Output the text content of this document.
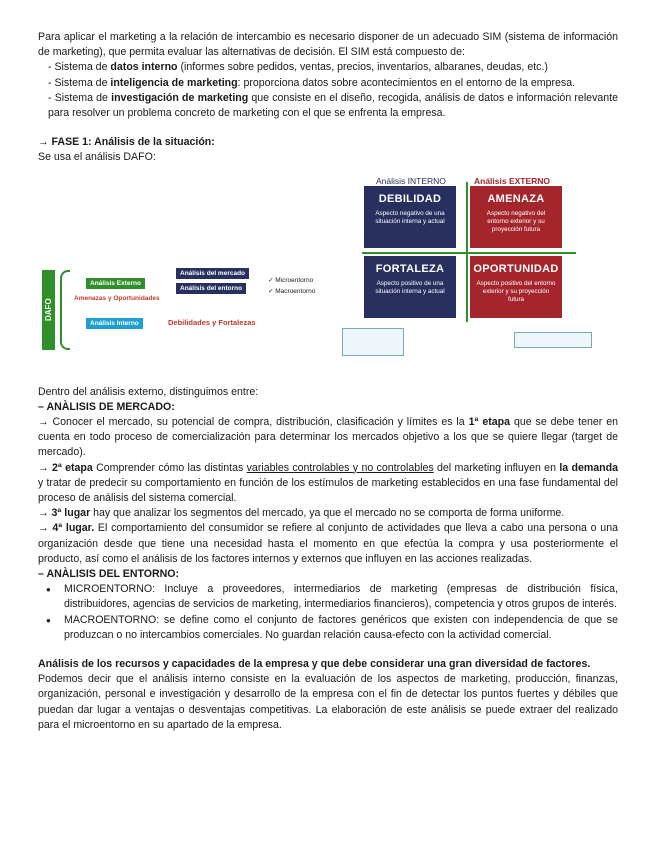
Para aplicar el marketing a la relación de intercambio es necesario disponer de un adecuado SIM (sistema de información de marketing), que permita evaluar las alternativas de decisión. El SIM está compuesto de:

- Sistema de datos interno (informes sobre pedidos, ventas, precios, inventarios, albaranes, deudas, etc.)

- Sistema de inteligencia de marketing: proporciona datos sobre acontecimientos en el entorno de la empresa.

- Sistema de investigación de marketing que consiste en el diseño, recogida, análisis de datos e información relevante para resolver un problema concreto de marketing con el que se enfrenta la empresa.

→ FASE 1: Análisis de la situación:

Se usa el análisis DAFO:

DAFO
Análisis Externo
Análisis del mercado
Análisis del entorno
Amenazas y Oportunidades
✓ Microentorno
✓ Macroentorno
Análisis Interno	Debilidades y Fortalezas
Análisis INTERNO	Análisis EXTERNO
DEBILIDAD
Aspecto negativo de una situación interna y actual
AMENAZA
Aspecto negativo del entorno exterior y su proyección futura
FORTALEZA
Aspecto positivo de una situación interna y actual
OPORTUNIDAD
Aspecto positivo del entorno exterior y su proyección futura

Dentro del análisis externo, distinguimos entre:

– ANÀLISIS DE MERCADO:

→ Conocer el mercado, su potencial de compra, distribución, clasificación y límites es la 1ª etapa que se debe tener en cuenta en todo proceso de comercialización para determinar los mercados objetivo a los que se quiere llegar (target de mercado).

→ 2ª etapa Comprender cómo las distintas variables controlables y no controlables del marketing influyen en la demanda y tratar de predecir su comportamiento en función de los estímulos de marketing establecidos en una fase fundamental del proceso de análisis del sistema comercial.

→ 3ª lugar hay que analizar los segmentos del mercado, ya que el mercado no se comporta de forma uniforme.

→ 4ª lugar. El comportamiento del consumidor se refiere al conjunto de actividades que lleva a cabo una persona o una organización desde que tiene una necesidad hasta el momento en que efectúa la compra y usa posteriormente el producto, así como el análisis de los factores internos y externos que influyen en las acciones realizadas.

– ANÀLISIS DEL ENTORNO:

● MICROENTORNO: Incluye a proveedores, intermediarios de marketing (empresas de distribución física, distribuidores, agencias de servicios de marketing, intermediarios financieros), competencia y otros grupos de interés.
● MACROENTORNO: se define como el conjunto de factores genéricos que existen con independencia de que se produzcan o no intercambios comerciales. No guardan relación causa-efecto con la actividad comercial.

Análisis de los recursos y capacidades de la empresa y que debe considerar una gran diversidad de factores.

Podemos decir que el análisis interno consiste en la evaluación de los aspectos de marketing, producción, finanzas, organización, personal e investigación y desarrollo de la empresa con el fin de detectar los puntos fuertes y débiles que puedan dar lugar a ventajas o desventajas competitivas. La elaboración de este análisis se puede extraer del realizado para el microentorno en su apartado de la empresa.
